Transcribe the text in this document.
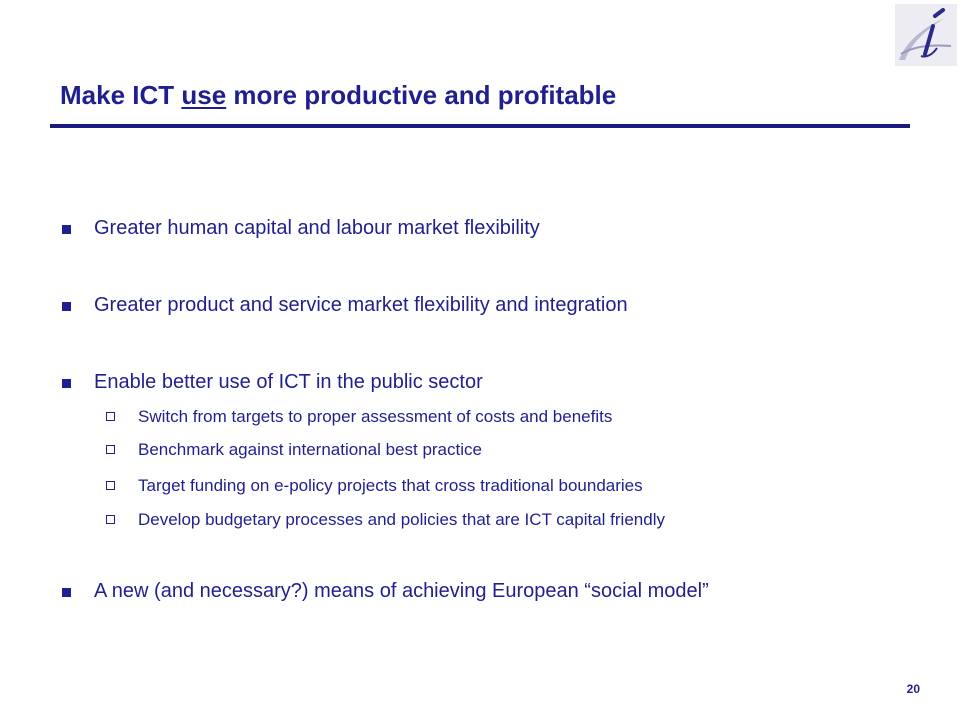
Make ICT use more productive and profitable
Greater human capital and labour market flexibility
Greater product and service market flexibility and integration
Enable better use of ICT in the public sector
Switch from targets to proper assessment of costs and benefits
Benchmark against international best practice
Target funding on e-policy projects that cross traditional boundaries
Develop budgetary processes and policies that are ICT capital friendly
A new (and necessary?) means of achieving European “social model”
20
